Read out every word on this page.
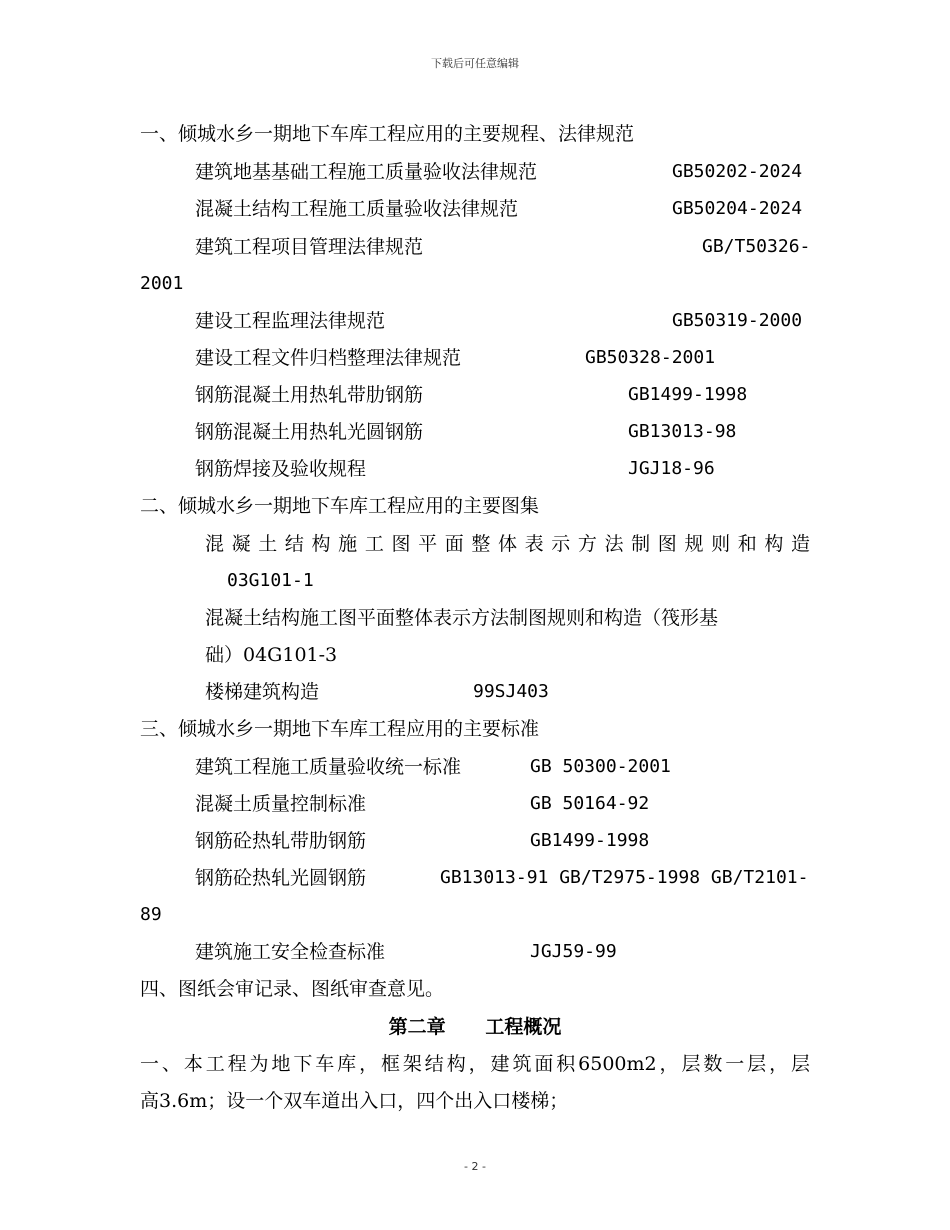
下载后可任意编辑
一、倾城水乡一期地下车库工程应用的主要规程、法律规范
建筑地基基础工程施工质量验收法律规范	GB50202-2024
混凝土结构工程施工质量验收法律规范	GB50204-2024
建筑工程项目管理法律规范	GB/T50326-
2001
建设工程监理法律规范	GB50319-2000
建设工程文件归档整理法律规范	GB50328-2001
钢筋混凝土用热轧带肋钢筋	GB1499-1998
钢筋混凝土用热轧光圆钢筋	GB13013-98
钢筋焊接及验收规程	JGJ18-96
二、倾城水乡一期地下车库工程应用的主要图集
混凝土结构施工图平面整体表示方法制图规则和构造
03G101-1
混凝土结构施工图平面整体表示方法制图规则和构造（筏形基
础）04G101-3
楼梯建筑构造	99SJ403
三、倾城水乡一期地下车库工程应用的主要标准
建筑工程施工质量验收统一标准	GB 50300-2001
混凝土质量控制标准	GB 50164-92
钢筋砼热轧带肋钢筋	GB1499-1998
钢筋砼热轧光圆钢筋	GB13013-91 GB/T2975-1998 GB/T2101-
89
建筑施工安全检查标准	JGJ59-99
四、图纸会审记录、图纸审查意见。
第二章      工程概况
一、本工程为地下车库，框架结构，建筑面积6500m2，层数一层，层
高3.6m；设一个双车道出入口，四个出入口楼梯；
- 2 -
